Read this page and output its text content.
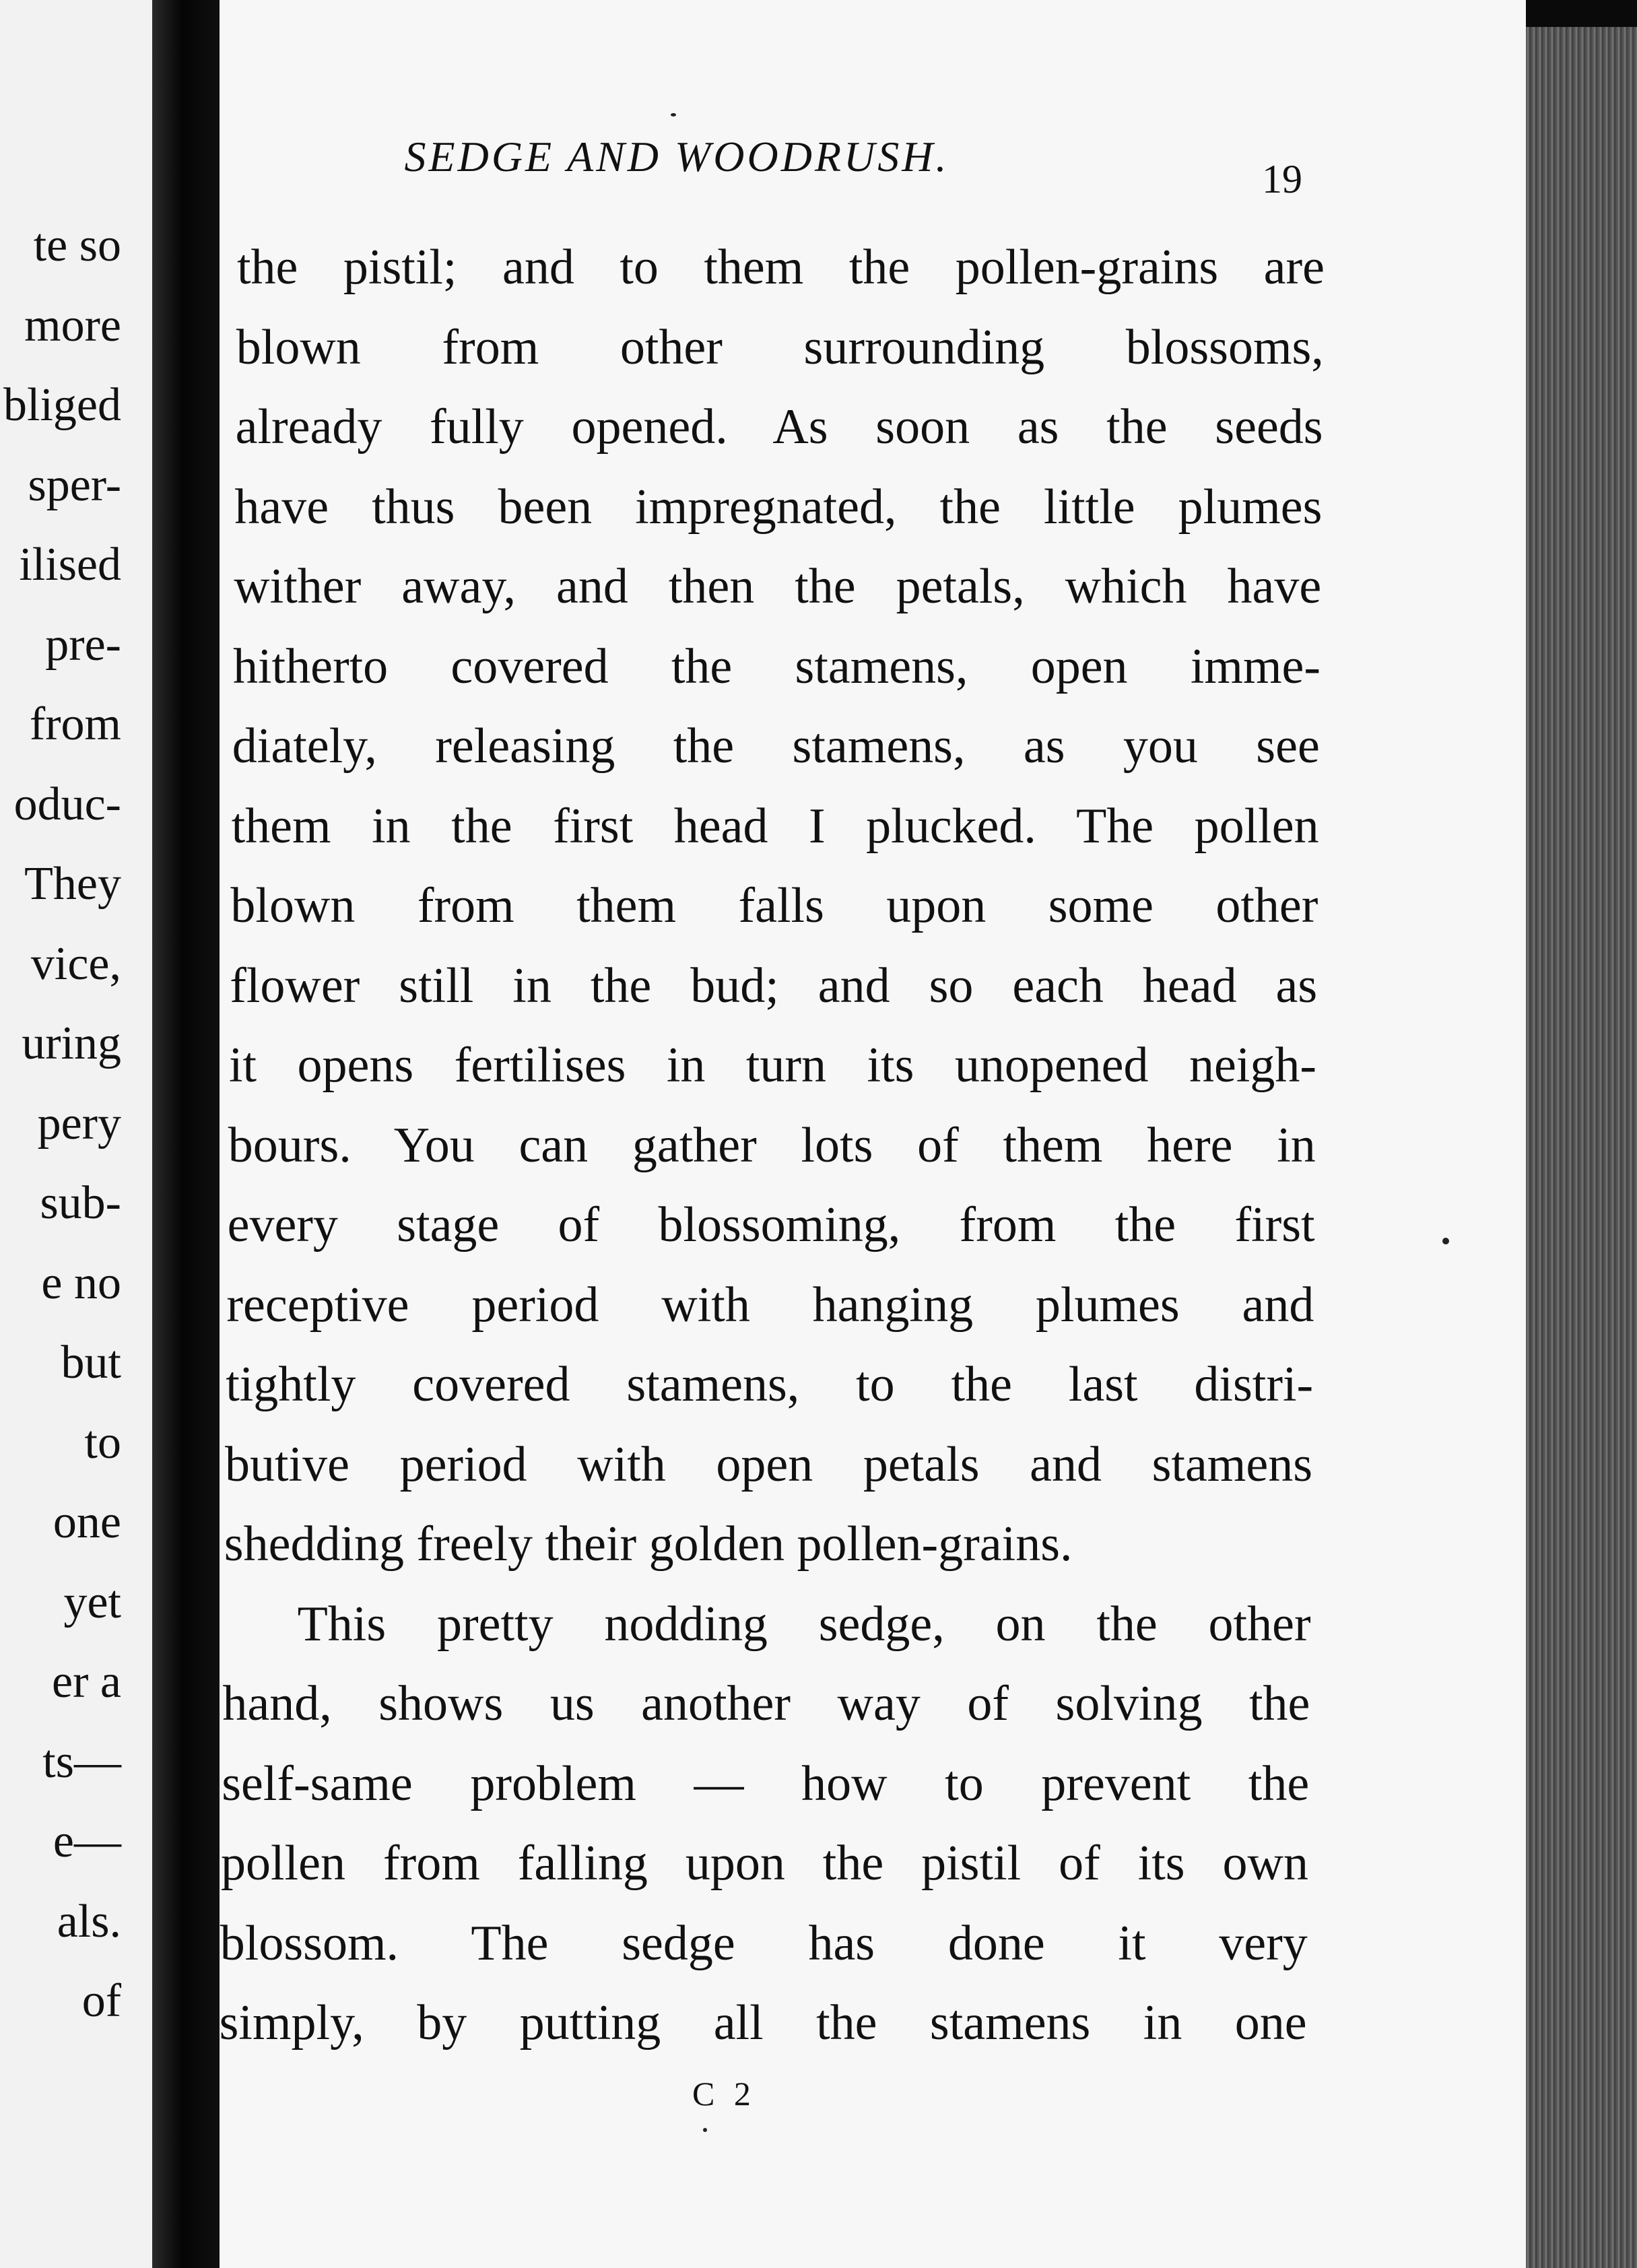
te so
more
bliged
sper-
ilised
pre-
from
oduc-
They
vice,
uring
pery
sub-
e no
but
to
one
yet
er a
ts—
e—
als.
of
SEDGE AND WOODRUSH.	19
the pistil; and to them the pollen-grains are
blown from other surrounding blossoms,
already fully opened. As soon as the seeds
have thus been impregnated, the little plumes
wither away, and then the petals, which have
hitherto covered the stamens, open imme-
diately, releasing the stamens, as you see
them in the first head I plucked. The pollen
blown from them falls upon some other
flower still in the bud; and so each head as
it opens fertilises in turn its unopened neigh-
bours. You can gather lots of them here in
every stage of blossoming, from the first
receptive period with hanging plumes and
tightly covered stamens, to the last distri-
butive period with open petals and stamens
shedding freely their golden pollen-grains.
This pretty nodding sedge, on the other
hand, shows us another way of solving the
self-same problem — how to prevent the
pollen from falling upon the pistil of its own
blossom. The sedge has done it very
simply, by putting all the stamens in one
C 2
